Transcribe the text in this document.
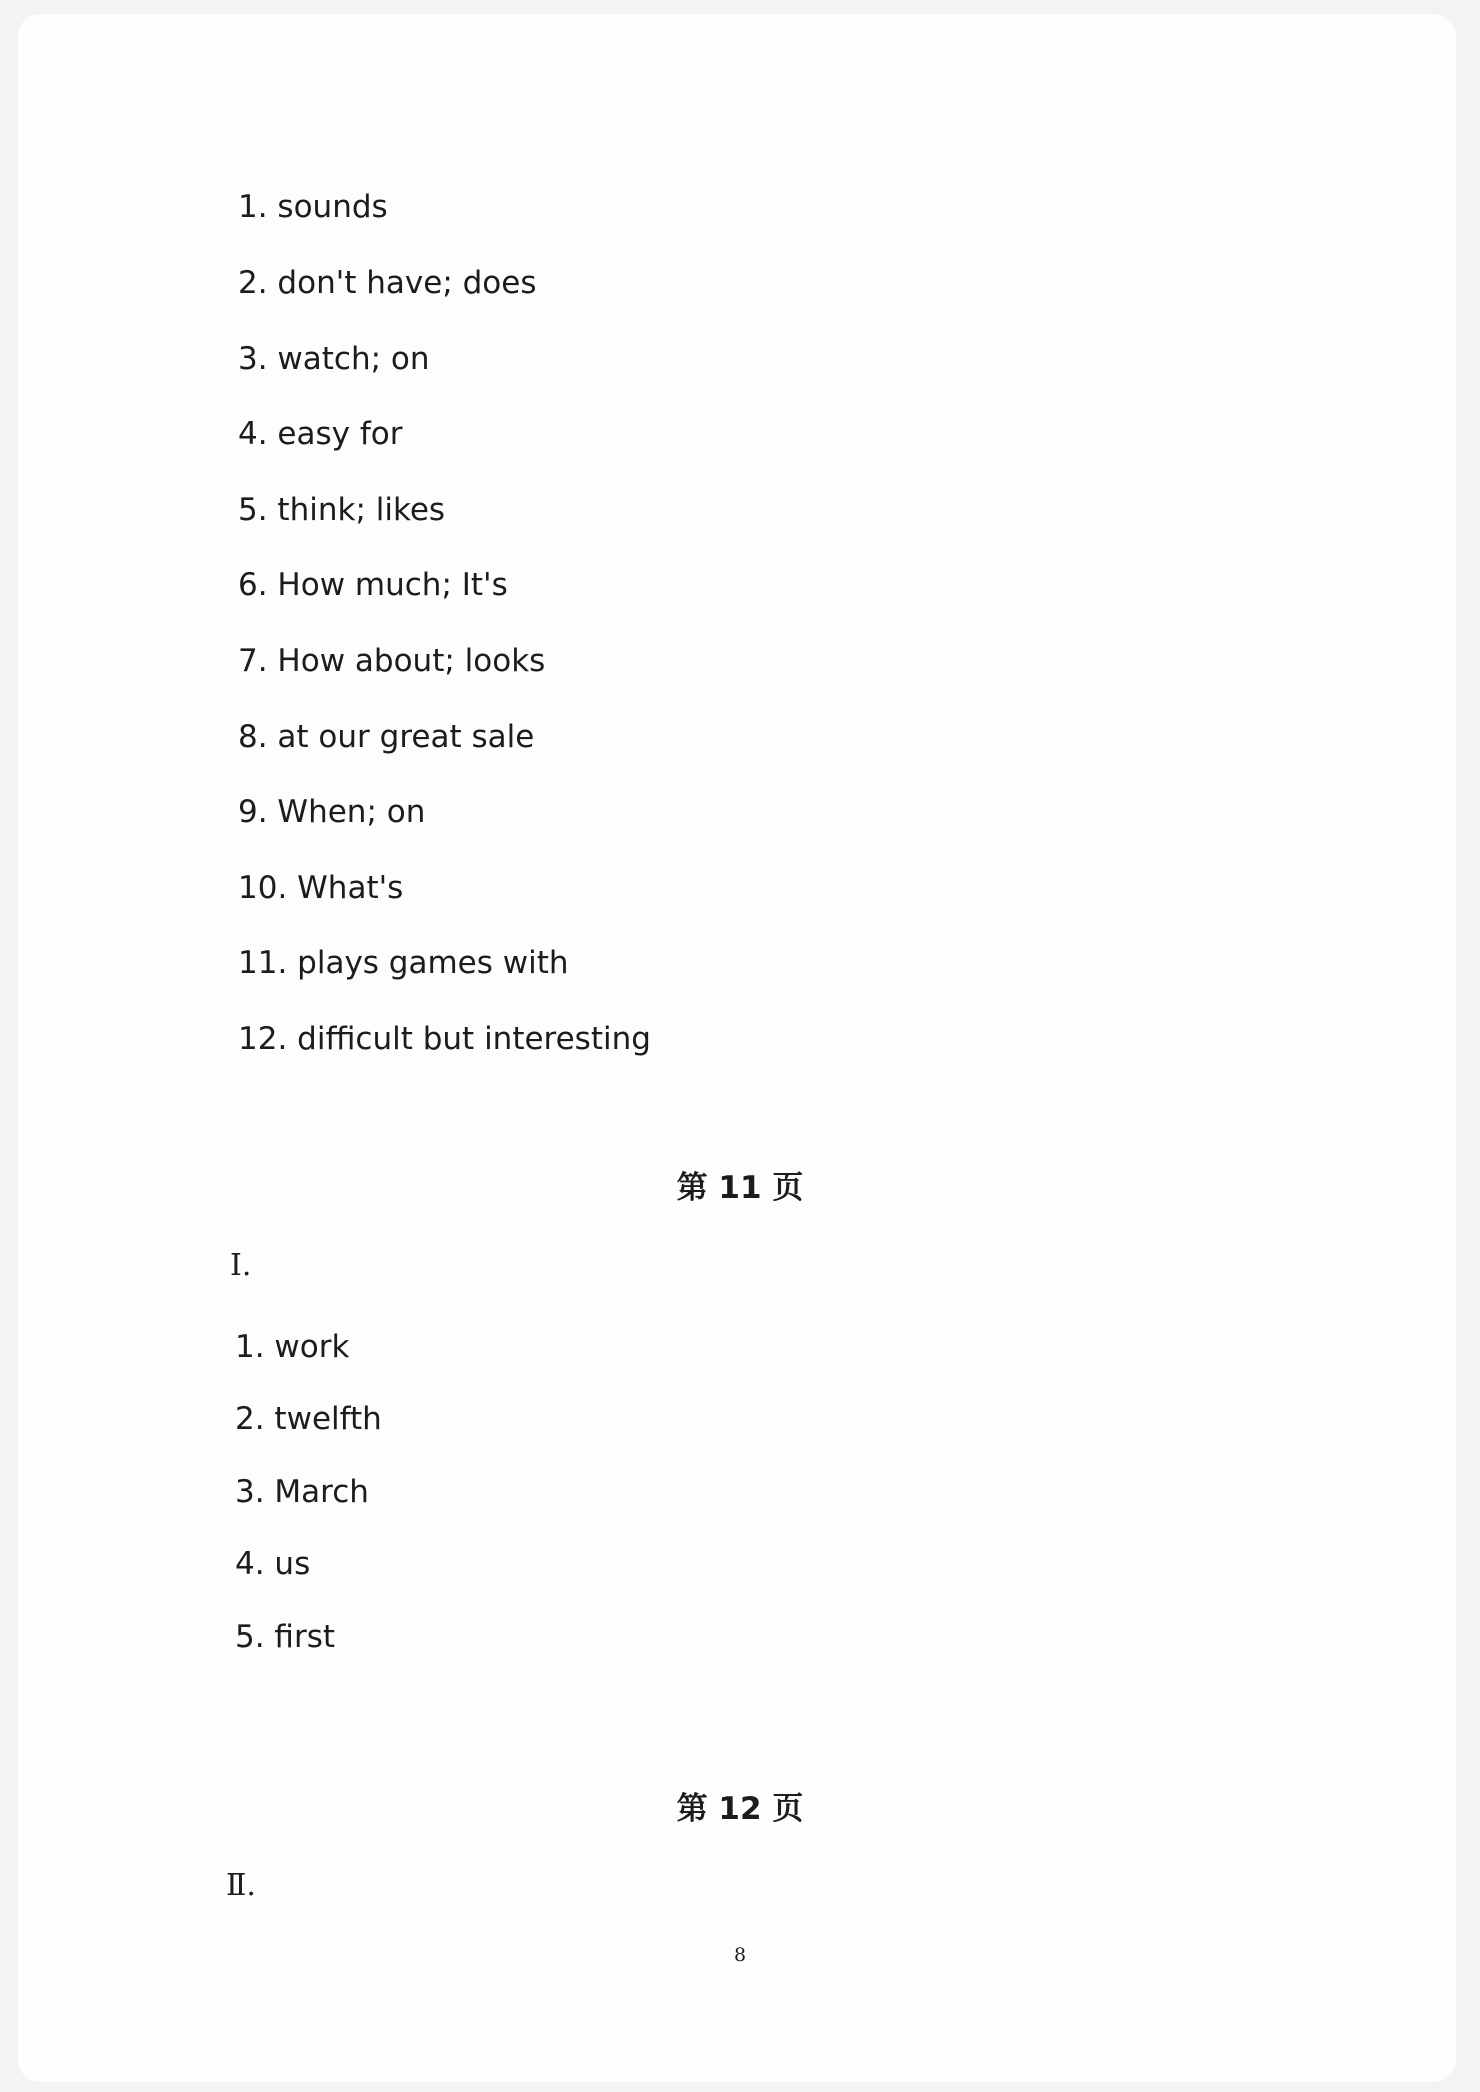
1. sounds

2. don't have; does

3. watch; on

4. easy for

5. think; likes

6. How much; It's

7. How about; looks

8. at our great sale

9. When; on

10. What's

11. plays games with

12. difficult but interesting

第 11 页

Ⅰ.

1. work

2. twelfth

3. March

4. us

5. first

第 12 页

Ⅱ.

8
